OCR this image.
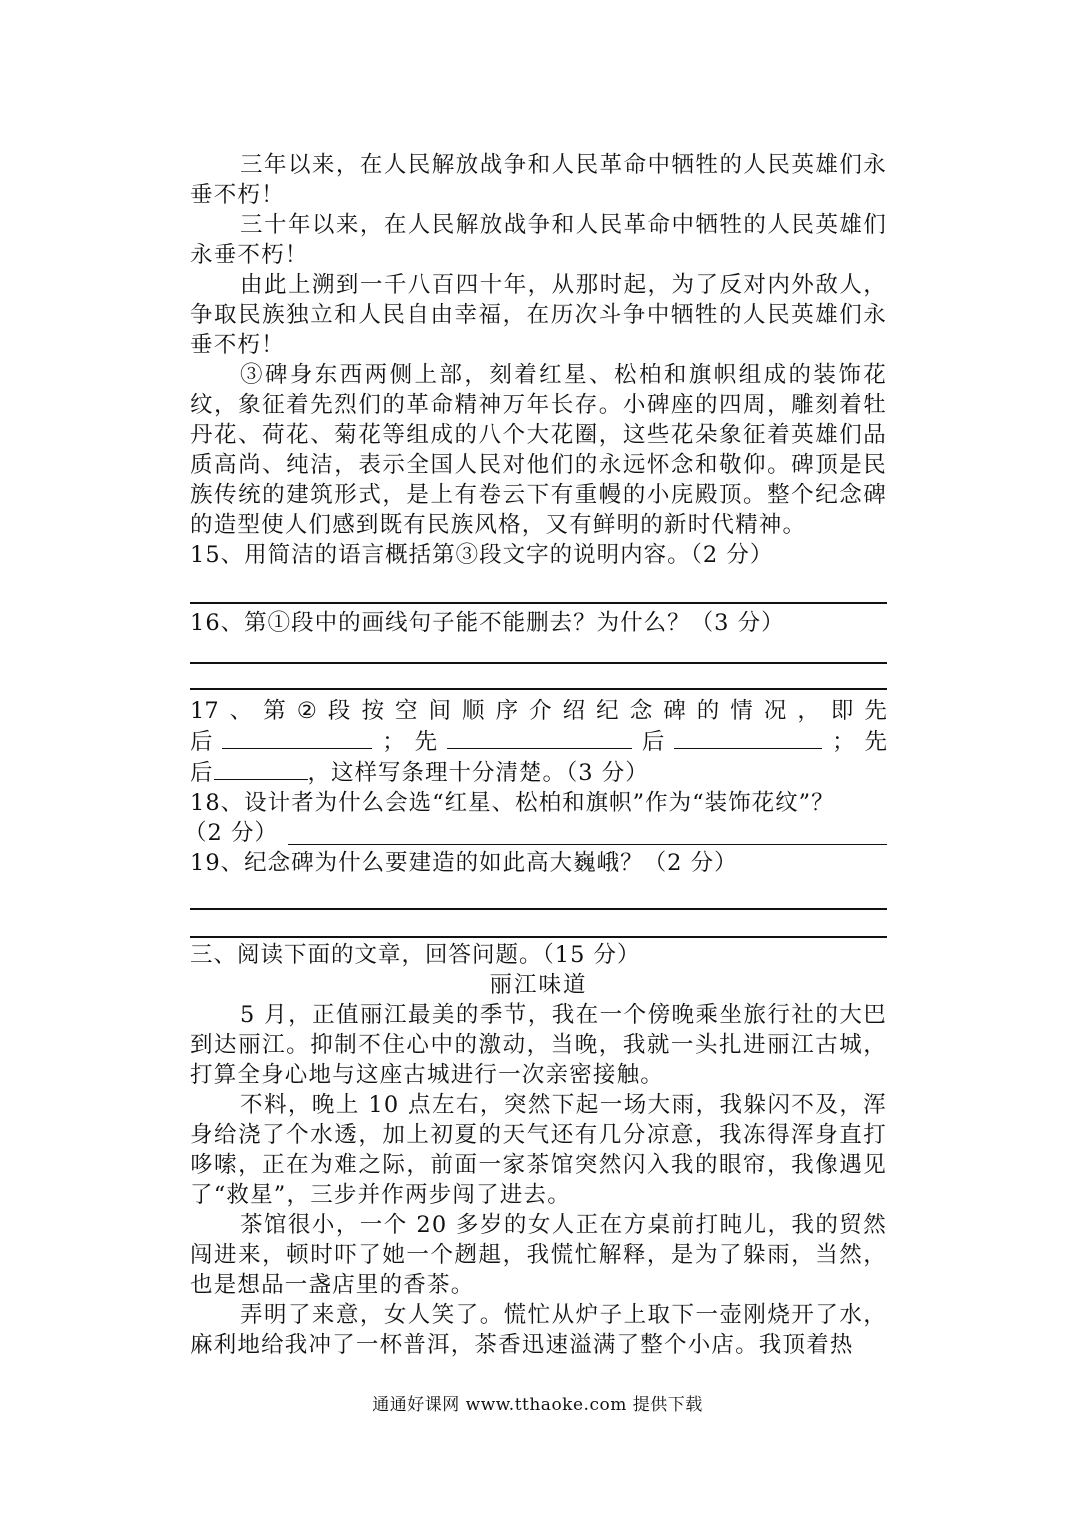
三年以来，在人民解放战争和人民革命中牺牲的人民英雄们永垂不朽！

三十年以来，在人民解放战争和人民革命中牺牲的人民英雄们永垂不朽！

由此上溯到一千八百四十年，从那时起，为了反对内外敌人，争取民族独立和人民自由幸福，在历次斗争中牺牲的人民英雄们永垂不朽！

③碑身东西两侧上部，刻着红星、松柏和旗帜组成的装饰花纹，象征着先烈们的革命精神万年长存。小碑座的四周，雕刻着牡丹花、荷花、菊花等组成的八个大花圈，这些花朵象征着英雄们品质高尚、纯洁，表示全国人民对他们的永远怀念和敬仰。碑顶是民族传统的建筑形式，是上有卷云下有重幔的小庑殿顶。整个纪念碑的造型使人们感到既有民族风格，又有鲜明的新时代精神。

15、用简洁的语言概括第③段文字的说明内容。（2 分）

16、第①段中的画线句子能不能删去？为什么？（3 分）

17 、 第 ② 段 按 空 间 顺 序 介 绍 纪 念 碑 的 情 况 ， 即 先
后	； 先	后	； 先
后	，这样写条理十分清楚。（3 分）

18、设计者为什么会选“红星、松柏和旗帜”作为“装饰花纹”？

（2 分）

19、纪念碑为什么要建造的如此高大巍峨？（2 分）

三、阅读下面的文章，回答问题。（15 分）

丽江味道

5 月，正值丽江最美的季节，我在一个傍晚乘坐旅行社的大巴到达丽江。抑制不住心中的激动，当晚，我就一头扎进丽江古城，打算全身心地与这座古城进行一次亲密接触。

不料，晚上 10 点左右，突然下起一场大雨，我躲闪不及，浑身给浇了个水透，加上初夏的天气还有几分凉意，我冻得浑身直打哆嗦，正在为难之际，前面一家茶馆突然闪入我的眼帘，我像遇见了“救星”，三步并作两步闯了进去。

茶馆很小，一个 20 多岁的女人正在方桌前打盹儿，我的贸然闯进来，顿时吓了她一个趔趄，我慌忙解释，是为了躲雨，当然，也是想品一盏店里的香茶。

弄明了来意，女人笑了。慌忙从炉子上取下一壶刚烧开了水，麻利地给我冲了一杯普洱，茶香迅速溢满了整个小店。我顶着热

通通好课网 www.tthaoke.com 提供下载
